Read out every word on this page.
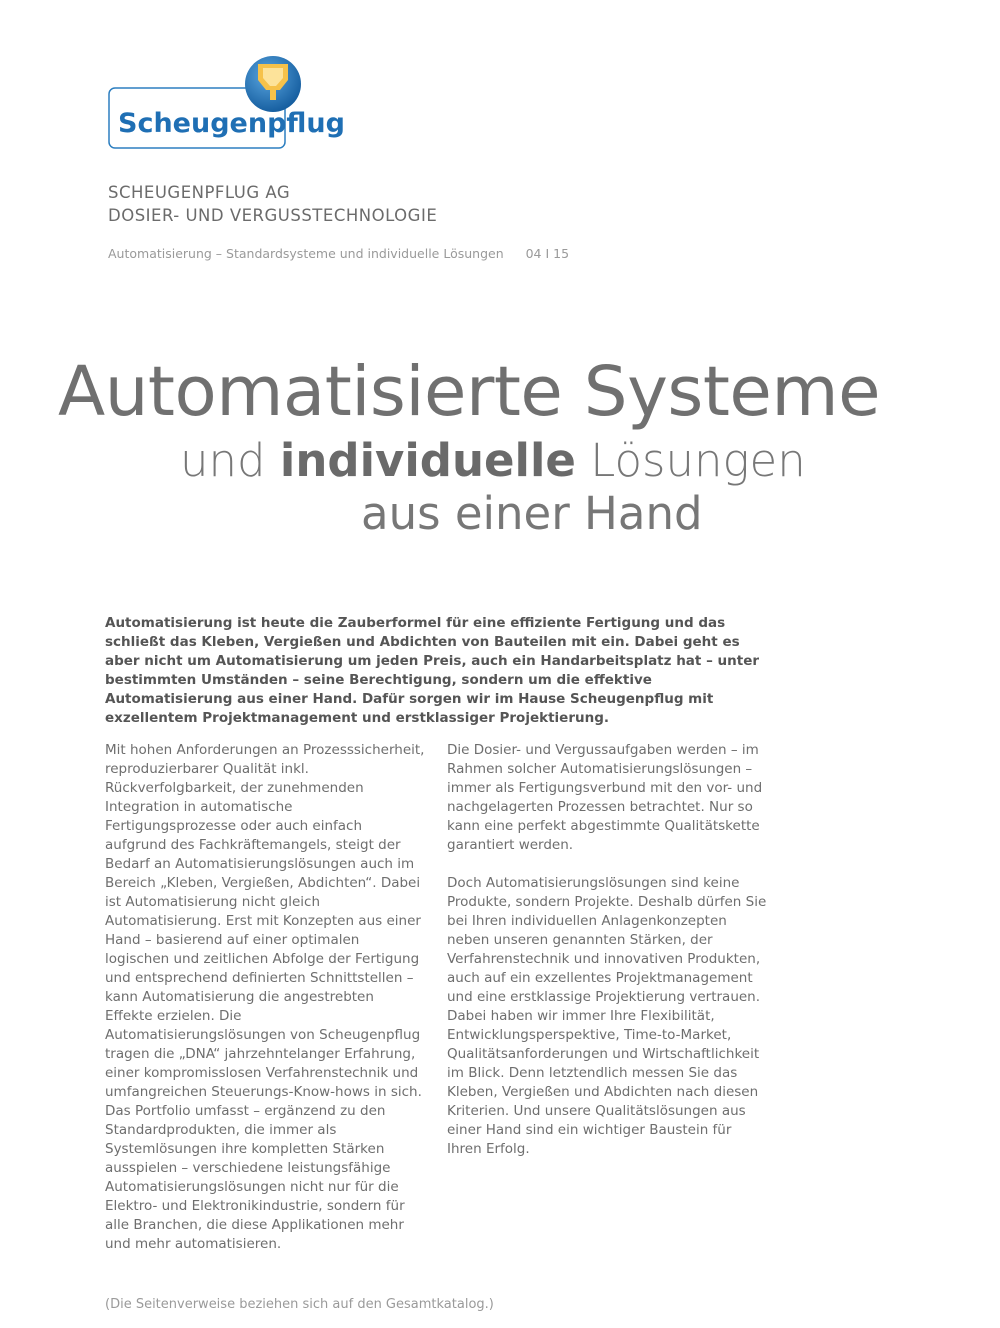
Scheugenpflug
SCHEUGENPFLUG AG
DOSIER- UND VERGUSSTECHNOLOGIE
Automatisierung – Standardsysteme und individuelle Lösungen 04 I 15
Automatisierte Systeme
und individuelle Lösungen
aus einer Hand
Automatisierung ist heute die Zauberformel für eine effiziente Fertigung und das schließt das Kleben, Vergießen und Abdichten von Bauteilen mit ein. Dabei geht es aber nicht um Automatisierung um jeden Preis, auch ein Handarbeitsplatz hat – unter bestimmten Umständen – seine Berechtigung, sondern um die effektive Automatisierung aus einer Hand. Dafür sorgen wir im Hause Scheugenpflug mit exzellentem Projektmanagement und erstklassiger Projektierung.

Mit hohen Anforderungen an Prozesssicherheit, reproduzierbarer Qualität inkl. Rückverfolgbarkeit, der zunehmenden Integration in automatische Fertigungsprozesse oder auch einfach aufgrund des Fachkräftemangels, steigt der Bedarf an Automatisierungslösungen auch im Bereich „Kleben, Vergießen, Abdichten“. Dabei ist Automatisierung nicht gleich Automatisierung. Erst mit Konzepten aus einer Hand – basierend auf einer optimalen logischen und zeitlichen Abfolge der Fertigung und entsprechend definierten Schnittstellen – kann Automatisierung die angestrebten Effekte erzielen. Die Automatisierungslösungen von Scheugenpflug tragen die „DNA“ jahrzehntelanger Erfahrung, einer kompromisslosen Verfahrenstechnik und umfangreichen Steuerungs-Know-hows in sich. Das Portfolio umfasst – ergänzend zu den Standardprodukten, die immer als Systemlösungen ihre kompletten Stärken ausspielen – verschiedene leistungsfähige Automatisierungslösungen nicht nur für die Elektro- und Elektronikindustrie, sondern für alle Branchen, die diese Applikationen mehr und mehr automatisieren.

Die Dosier- und Vergussaufgaben werden – im Rahmen solcher Automatisierungslösungen – immer als Fertigungsverbund mit den vor- und nachgelagerten Prozessen betrachtet. Nur so kann eine perfekt abgestimmte Qualitätskette garantiert werden.

Doch Automatisierungslösungen sind keine Produkte, sondern Projekte. Deshalb dürfen Sie bei Ihren individuellen Anlagenkonzepten neben unseren genannten Stärken, der Verfahrenstechnik und innovativen Produkten, auch auf ein exzellentes Projektmanagement und eine erstklassige Projektierung vertrauen. Dabei haben wir immer Ihre Flexibilität, Entwicklungsperspektive, Time-to-Market, Qualitätsanforderungen und Wirtschaftlichkeit im Blick. Denn letztendlich messen Sie das Kleben, Vergießen und Abdichten nach diesen Kriterien. Und unsere Qualitätslösungen aus einer Hand sind ein wichtiger Baustein für Ihren Erfolg.

(Die Seitenverweise beziehen sich auf den Gesamtkatalog.)
